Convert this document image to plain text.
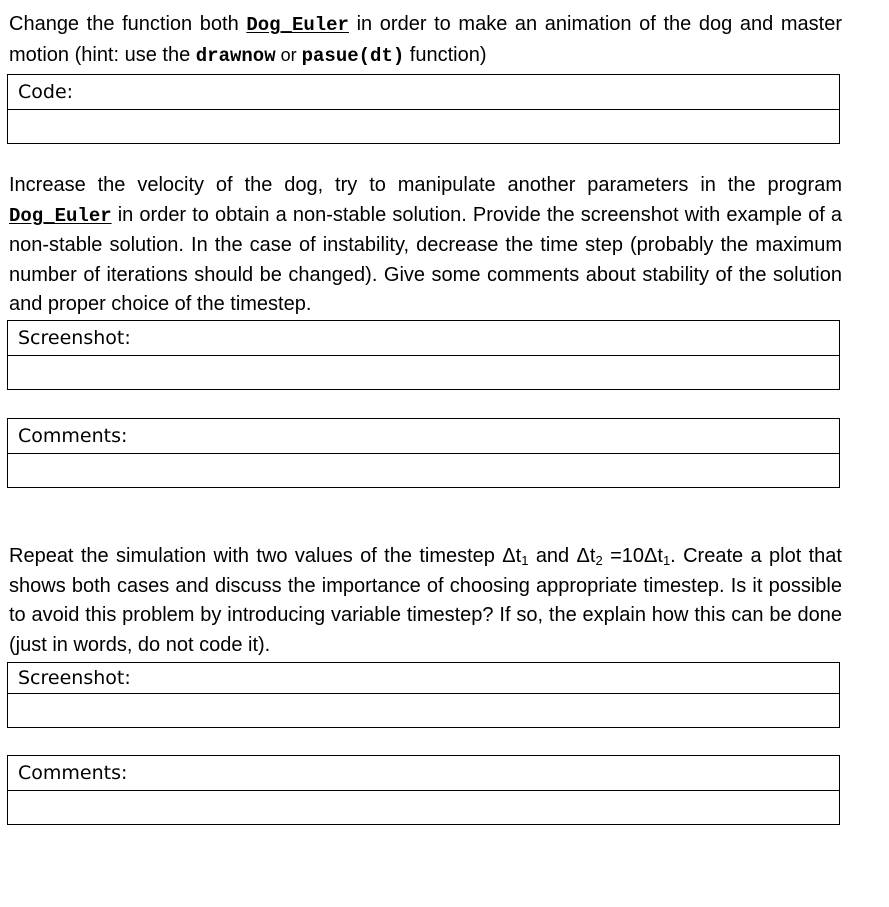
Change the function both Dog_Euler in order to make an animation of the dog and master motion (hint: use the drawnow or pasue(dt) function)

Code:

Increase the velocity of the dog, try to manipulate another parameters in the program Dog_Euler in order to obtain a non-stable solution. Provide the screenshot with example of a non-stable solution. In the case of instability, decrease the time step (probably the maximum number of iterations should be changed). Give some comments about stability of the solution and proper choice of the timestep.

Screenshot:
Comments:

Repeat the simulation with two values of the timestep $\Delta t_1$ and $\Delta t_2 =10\Delta t_1$. Create a plot that shows both cases and discuss the importance of choosing appropriate timestep. Is it possible to avoid this problem by introducing variable timestep? If so, the explain how this can be done (just in words, do not code it).

Screenshot:
Comments:
